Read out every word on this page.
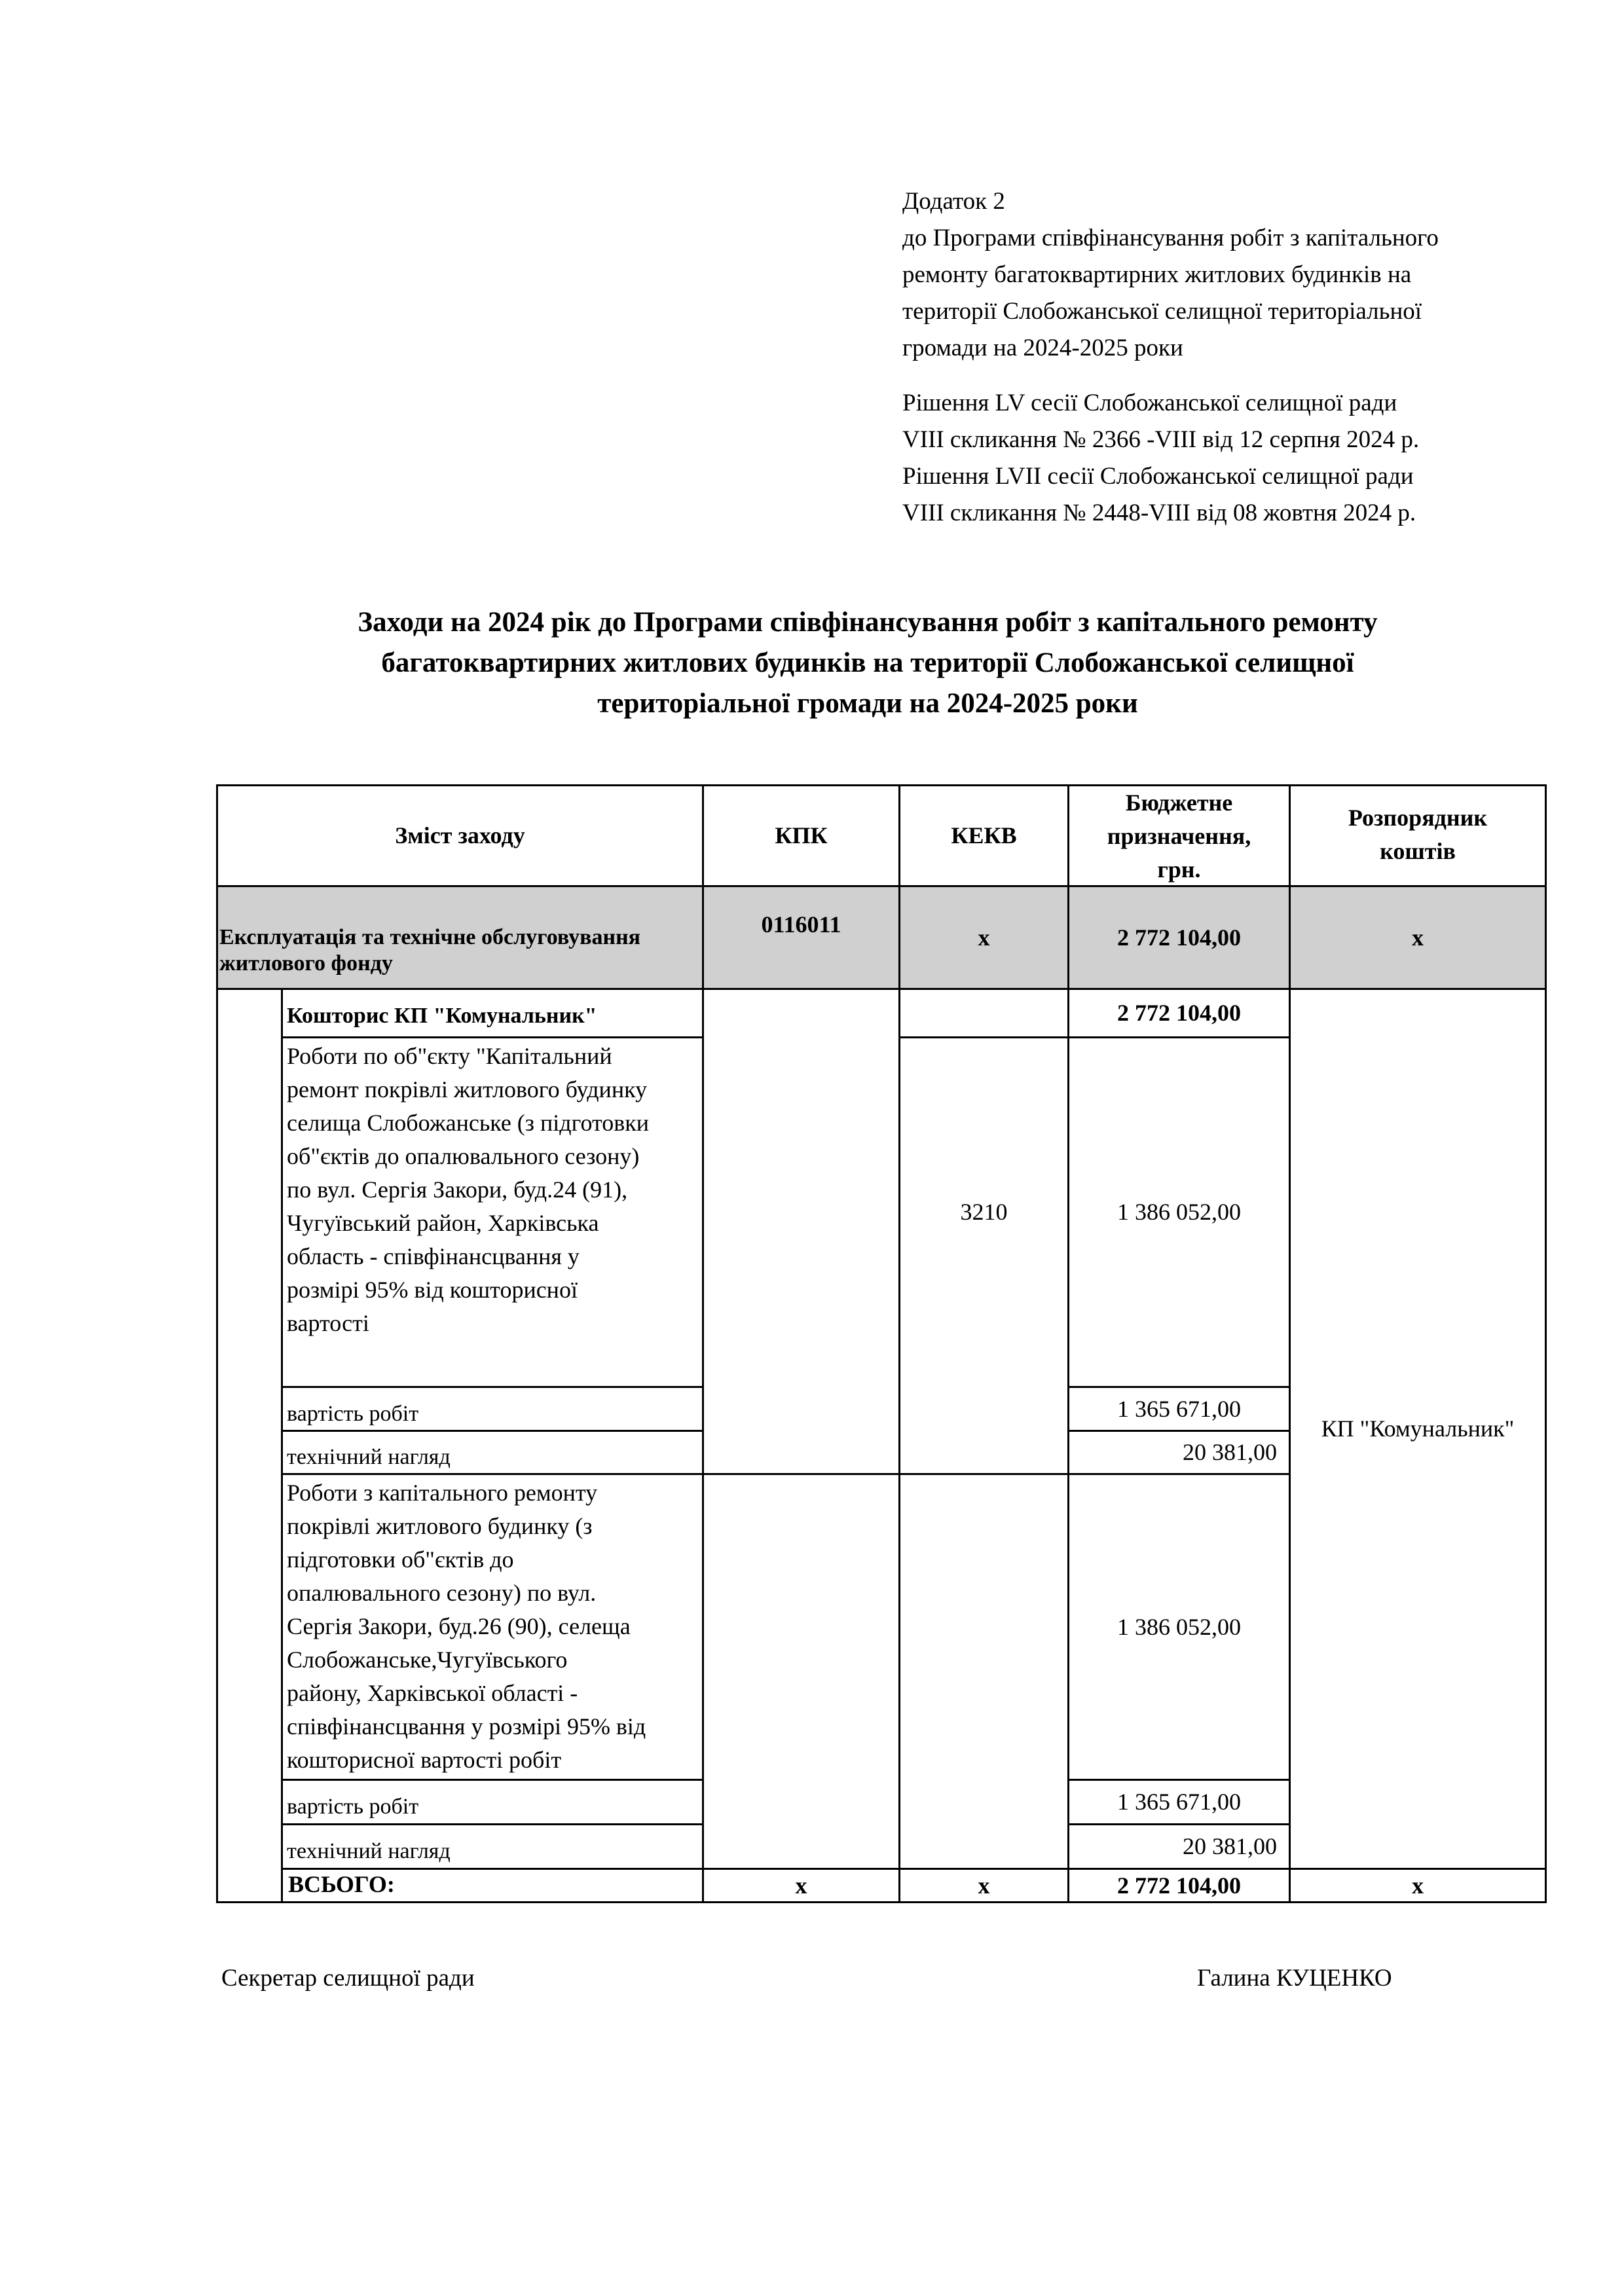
Додаток 2
до Програми співфінансування робіт з капітального
ремонту багатоквартирних житлових будинків на
території Слобожанської селищної територіальної
громади на 2024-2025 роки
Рішення LV сесії Слобожанської селищної ради
VIII скликання № 2366 -VIII від 12 серпня 2024 р.
Рішення LVII сесії Слобожанської селищної ради
VIII скликання № 2448-VIII від 08 жовтня 2024 р.
Заходи на 2024 рік до Програми співфінансування робіт з капітального ремонту
багатоквартирних житлових будинків на території Слобожанської селищної
територіальної громади на 2024-2025 роки
Зміст заходу	КПК	КЕКВ
Бюджетне
призначення,
грн.
Розпорядник
коштів
Експлуатація та технічне обслуговування
житлового фонду
0116011	х	2 772 104,00	х
Кошторис КП "Комунальник"	2 772 104,00
КП "Комунальник"
Роботи по об"єкту "Капітальний
ремонт покрівлі житлового будинку
селища Слобожанське (з підготовки
об"єктів до опалювального сезону)
по вул. Сергія Закори, буд.24 (91),
Чугуївський район, Харківська
область - співфінансцвання у
розмірі 95% від кошторисної
вартості
3210	1 386 052,00
вартість робіт	1 365 671,00
технічний нагляд	20 381,00
Роботи з капітального ремонту
покрівлі житлового будинку (з
підготовки об"єктів до
опалювального сезону) по вул.
Сергія Закори, буд.26 (90), селеща
Слобожанське,Чугуївського
району, Харківської області -
співфінансцвання у розмірі 95% від
кошторисної вартості робіт
1 386 052,00
вартість робіт	1 365 671,00
технічний нагляд	20 381,00
ВСЬОГО:	х	х	2 772 104,00	х
Секретар селищної ради	Галина КУЦЕНКО
